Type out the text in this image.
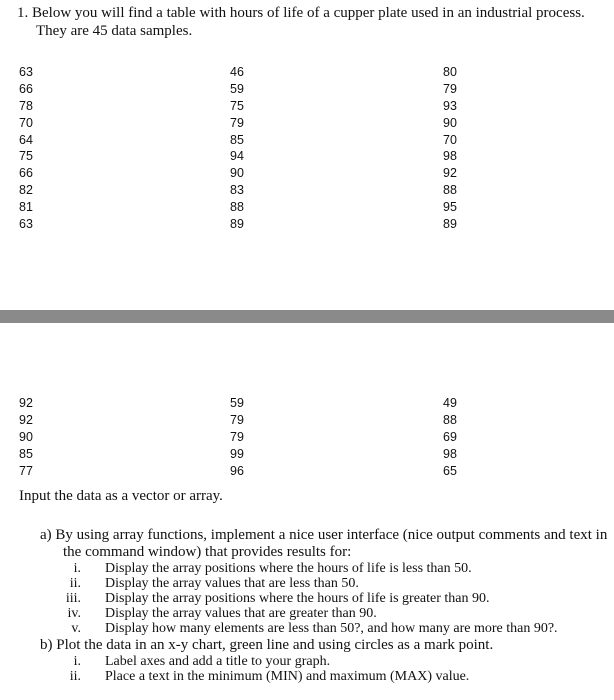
1. Below you will find a table with hours of life of a cupper plate used in an industrial process.
They are 45 data samples.
63
66
78
70
64
75
66
82
81
63
46
59
75
79
85
94
90
83
88
89
80
79
93
90
70
98
92
88
95
89
92
92
90
85
77
59
79
79
99
96
49
88
69
98
65
Input the data as a vector or array.
a) By using array functions, implement a nice user interface (nice output comments and text in
the command window) that provides results for:
i. Display the array positions where the hours of life is less than 50.
ii. Display the array values that are less than 50.
iii. Display the array positions where the hours of life is greater than 90.
iv. Display the array values that are greater than 90.
v. Display how many elements are less than 50?, and how many are more than 90?.
b) Plot the data in an x-y chart, green line and using circles as a mark point.
i. Label axes and add a title to your graph.
ii. Place a text in the minimum (MIN) and maximum (MAX) value.
